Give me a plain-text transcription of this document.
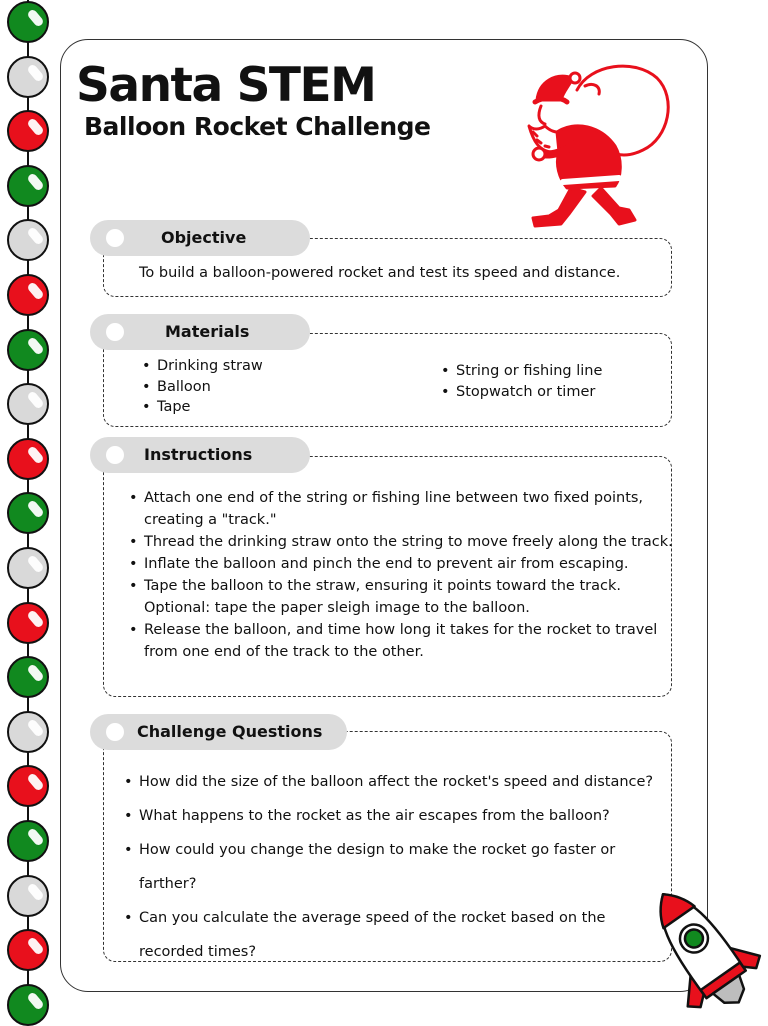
Santa STEM
Balloon Rocket Challenge
Objective
To build a balloon-powered rocket and test its speed and distance.
Materials
• Drinking straw
• Balloon
• Tape
• String or fishing line
• Stopwatch or timer
Instructions
• Attach one end of the string or fishing line between two fixed points,
creating a "track."
• Thread the drinking straw onto the string to move freely along the track.
• Inflate the balloon and pinch the end to prevent air from escaping.
• Tape the balloon to the straw, ensuring it points toward the track.
Optional: tape the paper sleigh image to the balloon.
• Release the balloon, and time how long it takes for the rocket to travel
from one end of the track to the other.
Challenge Questions
• How did the size of the balloon affect the rocket's speed and distance?
• What happens to the rocket as the air escapes from the balloon?
• How could you change the design to make the rocket go faster or
farther?
• Can you calculate the average speed of the rocket based on the
recorded times?
